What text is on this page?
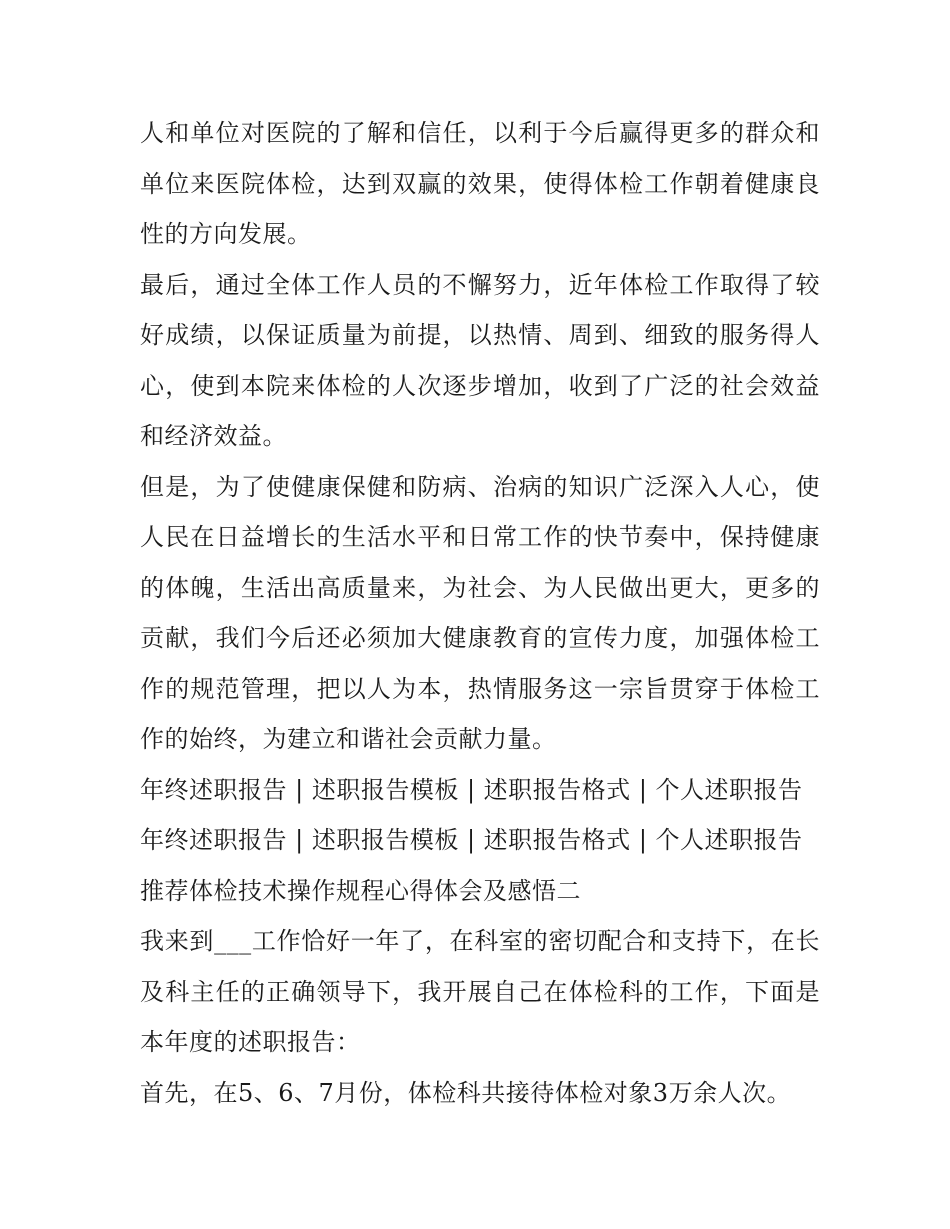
人和单位对医院的了解和信任，以利于今后赢得更多的群众和单位来医院体检，达到双赢的效果，使得体检工作朝着健康良性的方向发展。

最后，通过全体工作人员的不懈努力，近年体检工作取得了较好成绩，以保证质量为前提，以热情、周到、细致的服务得人心，使到本院来体检的人次逐步增加，收到了广泛的社会效益和经济效益。

但是，为了使健康保健和防病、治病的知识广泛深入人心，使人民在日益增长的生活水平和日常工作的快节奏中，保持健康的体魄，生活出高质量来，为社会、为人民做出更大，更多的贡献，我们今后还必须加大健康教育的宣传力度，加强体检工作的规范管理，把以人为本，热情服务这一宗旨贯穿于体检工作的始终，为建立和谐社会贡献力量。

年终述职报告 | 述职报告模板 | 述职报告格式 | 个人述职报告

年终述职报告 | 述职报告模板 | 述职报告格式 | 个人述职报告

推荐体检技术操作规程心得体会及感悟二

我来到___工作恰好一年了，在科室的密切配合和支持下，在长及科主任的正确领导下，我开展自己在体检科的工作，下面是本年度的述职报告：

首先，在5、6、7月份，体检科共接待体检对象3万余人次。
